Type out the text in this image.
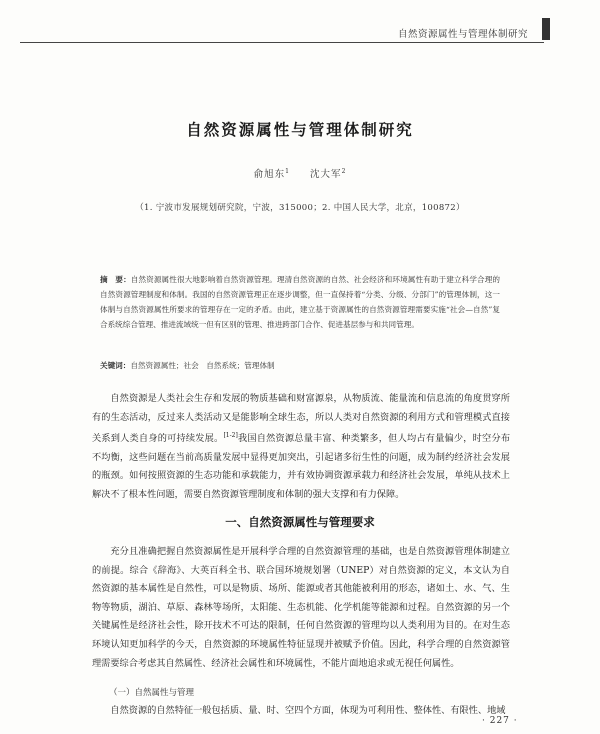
自然资源属性与管理体制研究
自然资源属性与管理体制研究
俞旭东$^1$ 沈大军$^2$
（1. 宁波市发展规划研究院，宁波，315000；2. 中国人民大学，北京，100872）
摘　要：自然资源属性很大地影响着自然资源管理。理清自然资源的自然、社会经济和环境属性有助于建立科学合理的自然资源管理制度和体制。我国的自然资源管理正在逐步调整，但一直保持着“分类、分级、分部门”的管理体制，这一体制与自然资源属性所要求的管理存在一定的矛盾。由此，建立基于资源属性的自然资源管理需要实施“社会—自然”复合系统综合管理、推进流域统一但有区别的管理、推进跨部门合作、促进基层参与和共同管理。
关键词：自然资源属性；社会　自然系统；管理体制
自然资源是人类社会生存和发展的物质基础和财富源泉，从物质流、能量流和信息流的角度贯穿所有的生态活动，反过来人类活动又是能影响全球生态，所以人类对自然资源的利用方式和管理模式直接关系到人类自身的可持续发展。[1-2]我国自然资源总量丰富、种类繁多，但人均占有量偏少，时空分布不均衡，这些问题在当前高质量发展中显得更加突出，引起诸多衍生性的问题，成为制约经济社会发展的瓶颈。如何按照资源的生态功能和承载能力，并有效协调资源承载力和经济社会发展，单纯从技术上解决不了根本性问题，需要自然资源管理制度和体制的强大支撑和有力保障。
一、自然资源属性与管理要求
充分且准确把握自然资源属性是开展科学合理的自然资源管理的基础，也是自然资源管理体制建立的前提。综合《辞海》、大英百科全书、联合国环境规划署（UNEP）对自然资源的定义，本文认为自然资源的基本属性是自然性，可以是物质、场所、能源或者其他能被利用的形态，诸如土、水、气、生物等物质，湖泊、草原、森林等场所，太阳能、生态机能、化学机能等能源和过程。自然资源的另一个关键属性是经济社会性，除开技术不可达的限制，任何自然资源的管理均以人类利用为目的。在对生态环境认知更加科学的今天，自然资源的环境属性特征显现并被赋予价值。因此，科学合理的自然资源管理需要综合考虑其自然属性、经济社会属性和环境属性，不能片面地追求或无视任何属性。
（一）自然属性与管理
自然资源的自然特征一般包括质、量、时、空四个方面，体现为可利用性、整体性、有限性、地域
· 227 ·
